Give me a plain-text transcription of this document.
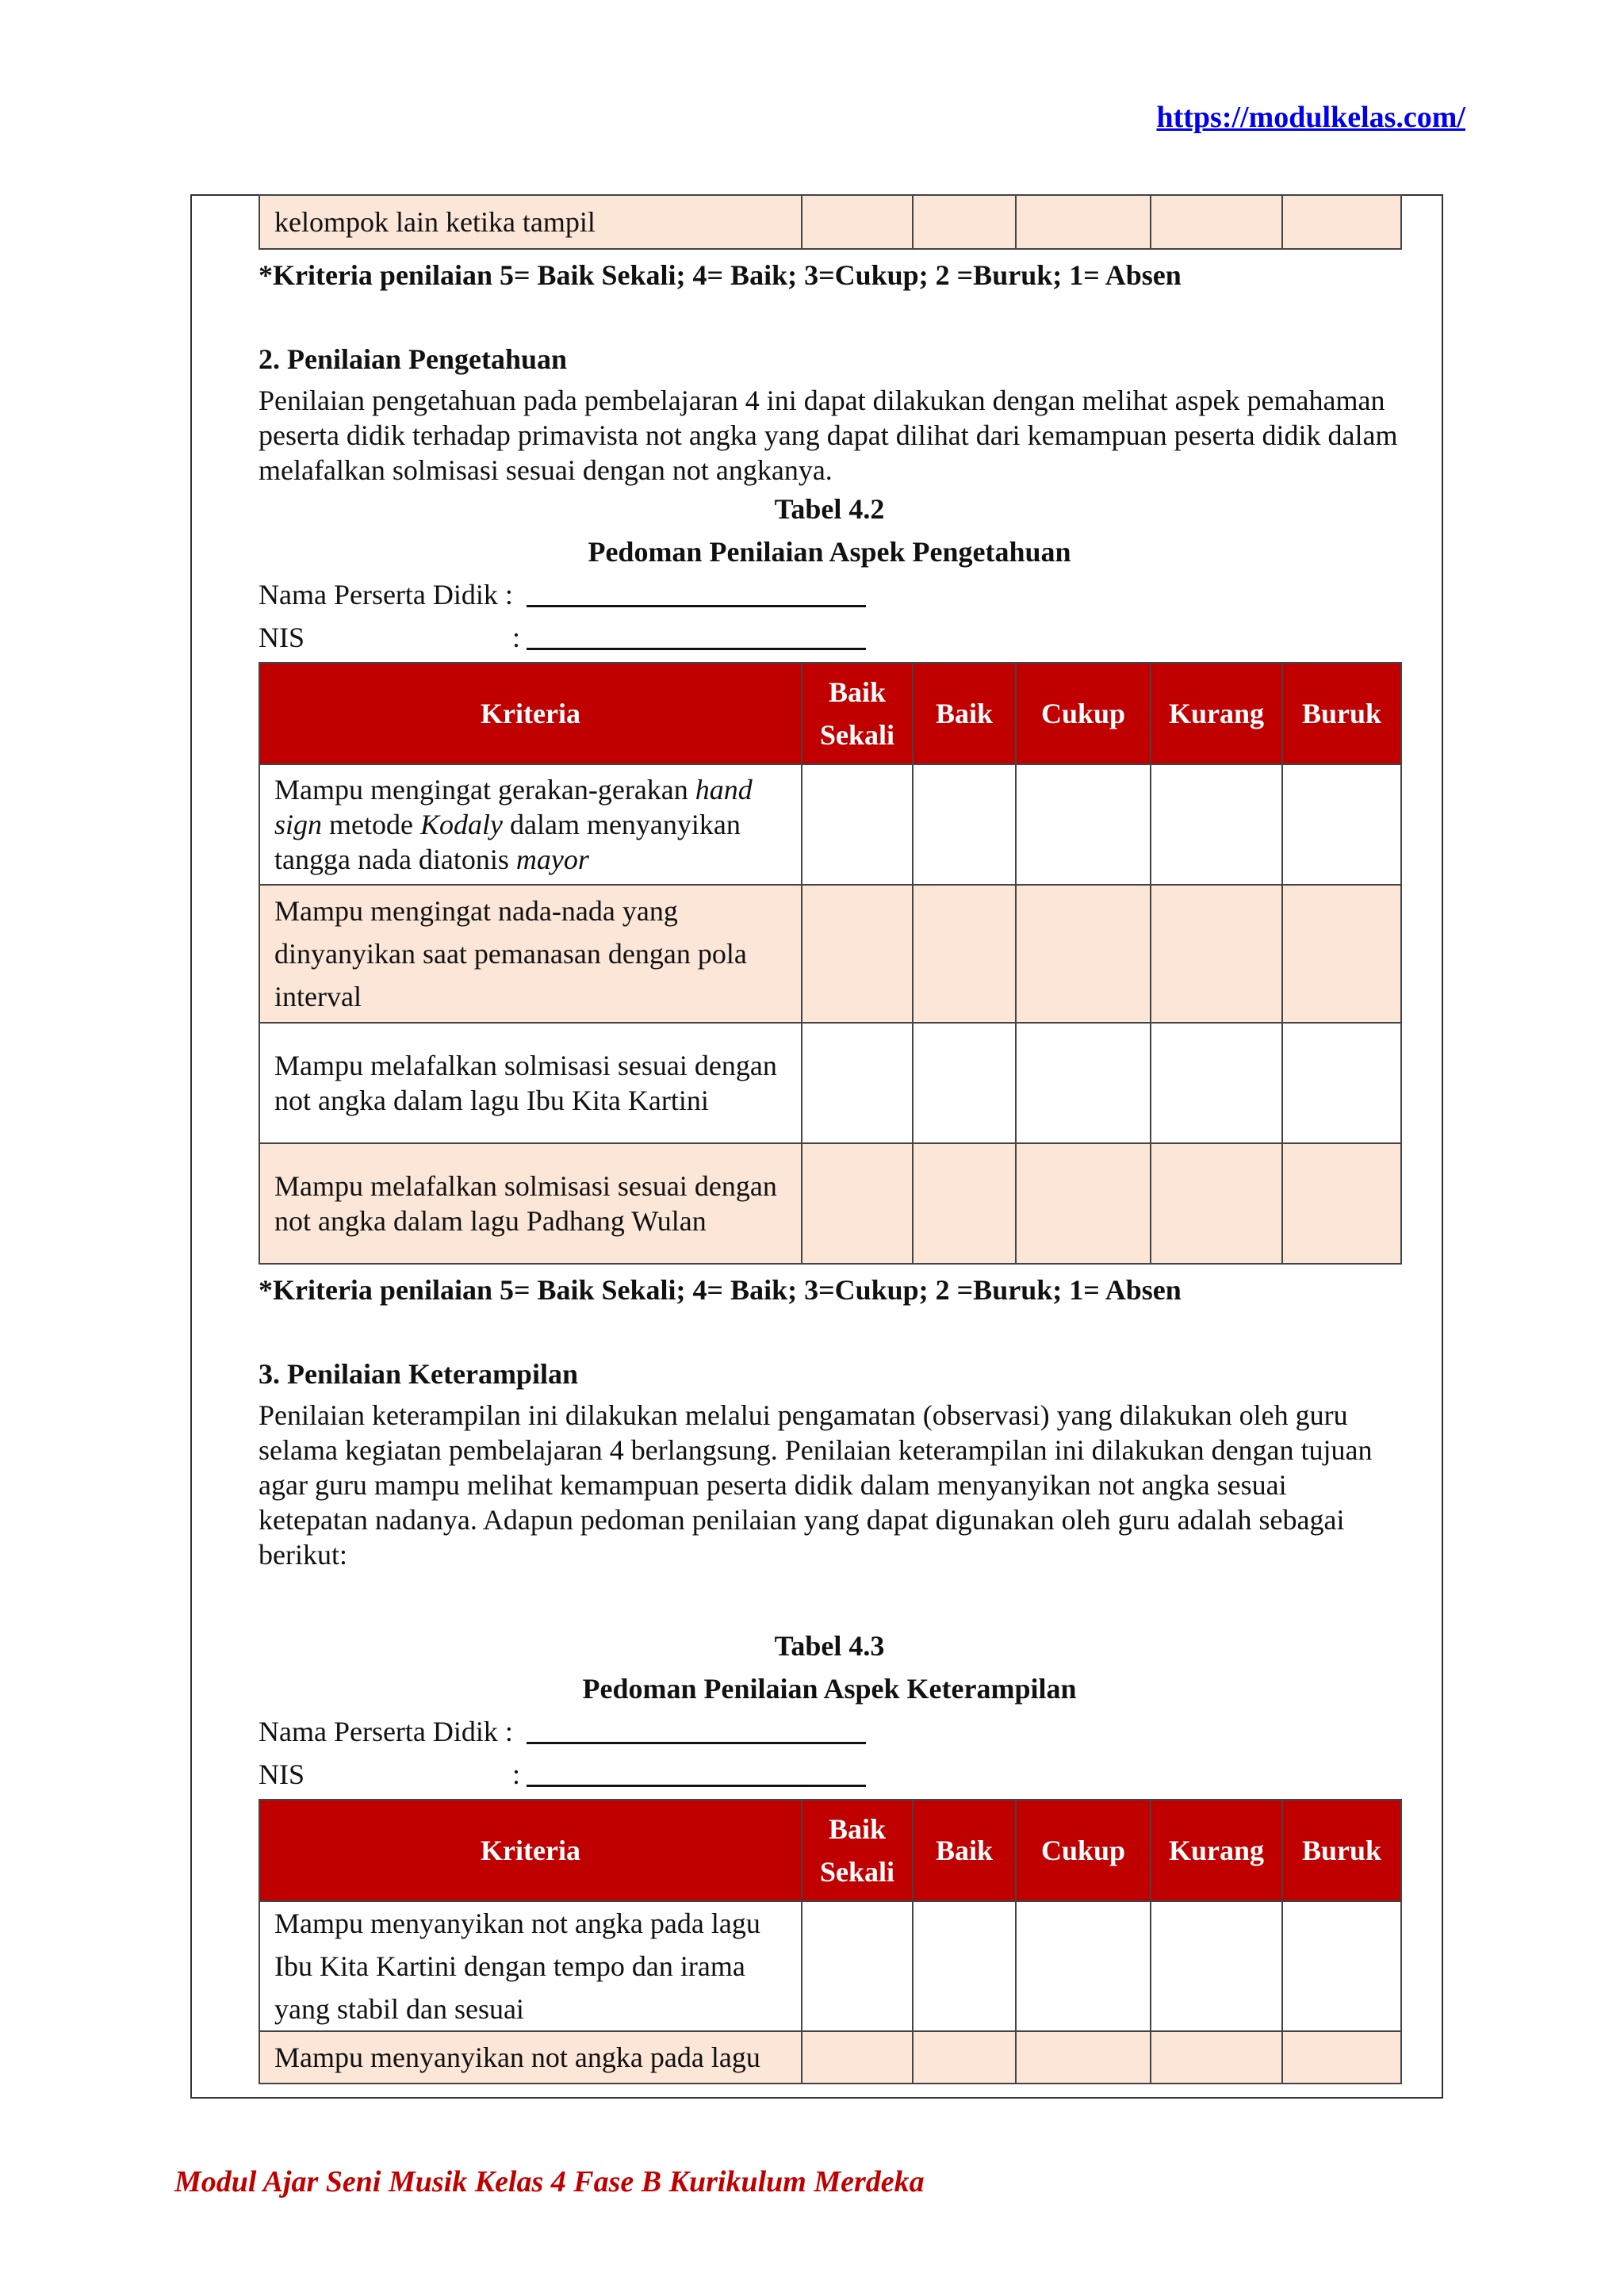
https://modulkelas.com/
kelompok lain ketika tampil					

*Kriteria penilaian 5= Baik Sekali; 4= Baik; 3=Cukup; 2 =Buruk; 1= Absen

2. Penilaian Pengetahuan

Penilaian pengetahuan pada pembelajaran 4 ini dapat dilakukan dengan melihat aspek pemahaman peserta didik terhadap primavista not angka yang dapat dilihat dari kemampuan peserta didik dalam melafalkan solmisasi sesuai dengan not angkanya.

Tabel 4.2

Pedoman Penilaian Aspek Pengetahuan

Nama Perserta Didik :
NIS	:
Kriteria	Baik Sekali	Baik	Cukup	Kurang	Buruk
Mampu mengingat gerakan-gerakan hand sign metode Kodaly dalam menyanyikan tangga nada diatonis mayor					
Mampu mengingat nada-nada yang dinyanyikan saat pemanasan dengan pola interval					
Mampu melafalkan solmisasi sesuai dengan not angka dalam lagu Ibu Kita Kartini					
Mampu melafalkan solmisasi sesuai dengan not angka dalam lagu Padhang Wulan					

*Kriteria penilaian 5= Baik Sekali; 4= Baik; 3=Cukup; 2 =Buruk; 1= Absen

3. Penilaian Keterampilan

Penilaian keterampilan ini dilakukan melalui pengamatan (observasi) yang dilakukan oleh guru selama kegiatan pembelajaran 4 berlangsung. Penilaian keterampilan ini dilakukan dengan tujuan agar guru mampu melihat kemampuan peserta didik dalam menyanyikan not angka sesuai ketepatan nadanya. Adapun pedoman penilaian yang dapat digunakan oleh guru adalah sebagai berikut:

Tabel 4.3

Pedoman Penilaian Aspek Keterampilan

Nama Perserta Didik :
NIS	:
Kriteria	Baik Sekali	Baik	Cukup	Kurang	Buruk
Mampu menyanyikan not angka pada lagu Ibu Kita Kartini dengan tempo dan irama yang stabil dan sesuai					
Mampu menyanyikan not angka pada lagu					
Modul Ajar Seni Musik Kelas 4 Fase B Kurikulum Merdeka
